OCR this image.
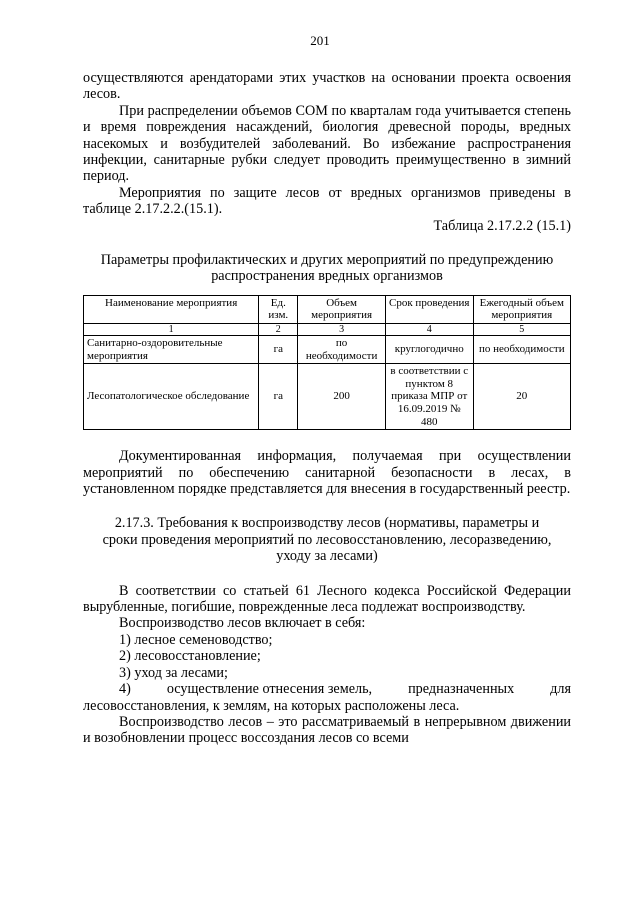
201

осуществляются арендаторами этих участков на основании проекта освоения лесов.

При распределении объемов СОМ по кварталам года учитывается степень и время повреждения насаждений, биология древесной породы, вредных насекомых и возбудителей заболеваний. Во избежание распространения инфекции, санитарные рубки следует проводить преимущественно в зимний период.

Мероприятия по защите лесов от вредных организмов приведены в таблице 2.17.2.2.(15.1).

Таблица 2.17.2.2 (15.1)

Параметры профилактических и других мероприятий по предупреждению
распространения вредных организмов
Наименование мероприятия	Ед. изм.	Объем мероприятия	Срок проведения	Ежегодный объем мероприятия
1	2	3	4	5
Санитарно-оздоровительные мероприятия	га	по необходимости	круглогодично	по необходимости
Лесопатологическое обследование	га	200	в соответствии с пунктом 8 приказа МПР от 16.09.2019 № 480	20

Документированная информация, получаемая при осуществлении мероприятий по обеспечению санитарной безопасности в лесах, в установленном порядке представляется для внесения в государственный реестр.

2.17.3. Требования к воспроизводству лесов (нормативы, параметры и
сроки проведения мероприятий по лесовосстановлению, лесоразведению,
уходу за лесами)

В соответствии со статьей 61 Лесного кодекса Российской Федерации вырубленные, погибшие, поврежденные леса подлежат воспроизводству.

Воспроизводство лесов включает в себя:

1) лесное семеноводство;

2) лесовосстановление;

3) уход за лесами;

4)	осуществление отнесения земель,	предназначенных	для

лесовосстановления, к землям, на которых расположены леса.

Воспроизводство лесов – это рассматриваемый в непрерывном движении и возобновлении процесс воссоздания лесов со всеми
